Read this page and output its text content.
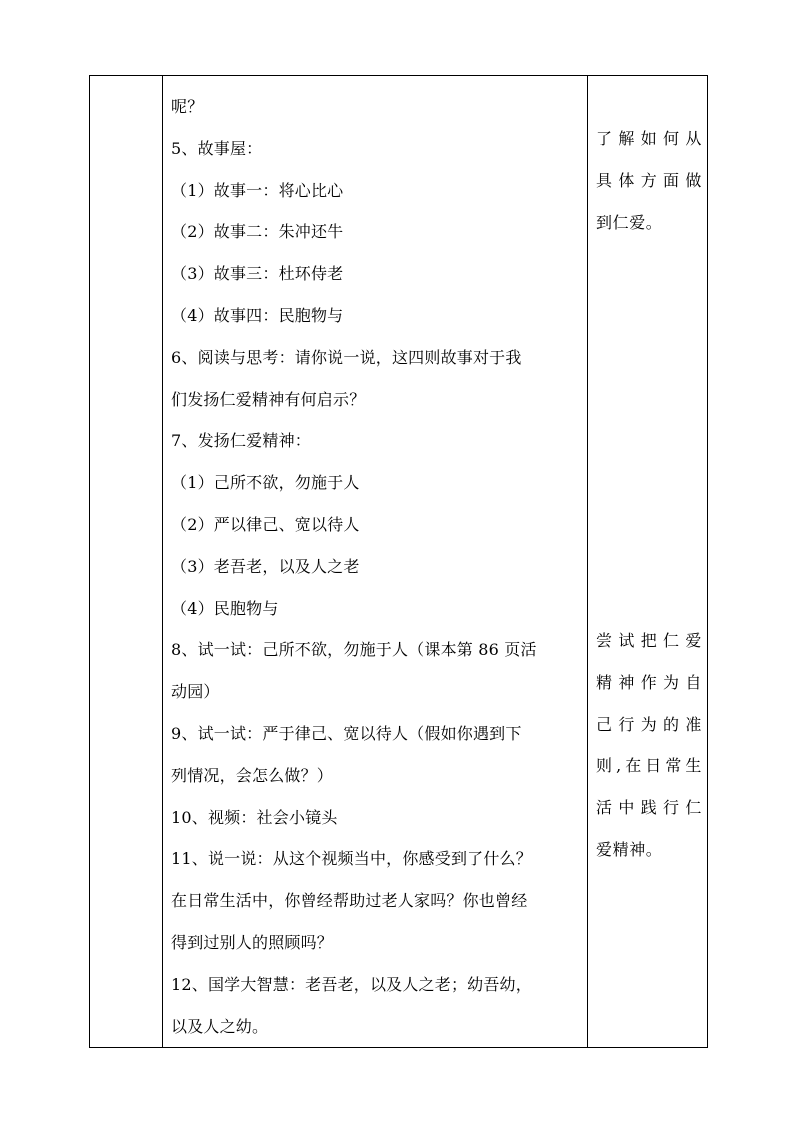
呢？
5、故事屋：
（1）故事一：将心比心
（2）故事二：朱冲还牛
（3）故事三：杜环侍老
（4）故事四：民胞物与
6、阅读与思考：请你说一说，这四则故事对于我
们发扬仁爱精神有何启示？
7、发扬仁爱精神：
（1）己所不欲，勿施于人
（2）严以律己、宽以待人
（3）老吾老，以及人之老
（4）民胞物与
8、试一试：己所不欲，勿施于人（课本第 86 页活
动园）
9、试一试：严于律己、宽以待人（假如你遇到下
列情况，会怎么做？）
10、视频：社会小镜头
11、说一说：从这个视频当中，你感受到了什么？
在日常生活中，你曾经帮助过老人家吗？你也曾经
得到过别人的照顾吗？
12、国学大智慧：老吾老，以及人之老；幼吾幼，
以及人之幼。

了解如何从
具体方面做
到仁爱。
尝试把仁爱
精神作为自
己行为的准
则,在日常生
活中践行仁
爱精神。
